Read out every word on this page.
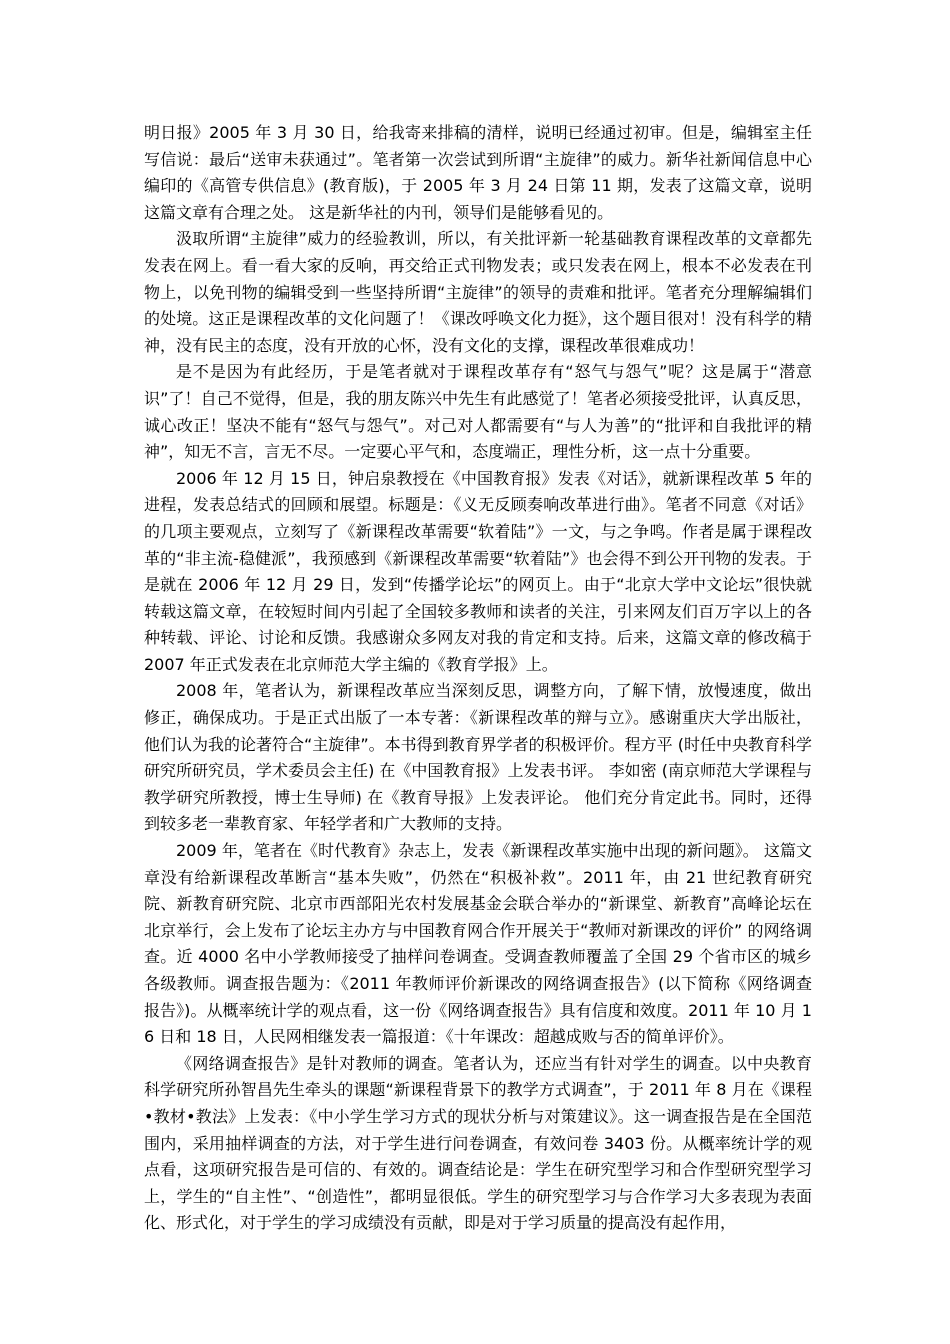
明日报》2005 年 3 月 30 日，给我寄来排稿的清样，说明已经通过初审。但是，编辑室主任写信说：最后“送审未获通过”。笔者第一次尝试到所谓“主旋律”的威力。新华社新闻信息中心编印的《高管专供信息》(教育版)，于 2005 年 3 月 24 日第 11 期，发表了这篇文章，说明这篇文章有合理之处。 这是新华社的内刊，领导们是能够看见的。

汲取所谓“主旋律”威力的经验教训，所以，有关批评新一轮基础教育课程改革的文章都先发表在网上。看一看大家的反响，再交给正式刊物发表；或只发表在网上，根本不必发表在刊物上，以免刊物的编辑受到一些坚持所谓“主旋律”的领导的责难和批评。笔者充分理解编辑们的处境。这正是课程改革的文化问题了！《课改呼唤文化力挺》，这个题目很对！没有科学的精神，没有民主的态度，没有开放的心怀，没有文化的支撑，课程改革很难成功！

是不是因为有此经历，于是笔者就对于课程改革存有“怒气与怨气”呢？这是属于“潜意识”了！自己不觉得，但是，我的朋友陈兴中先生有此感觉了！笔者必须接受批评，认真反思，诚心改正！坚决不能有“怒气与怨气”。对己对人都需要有“与人为善”的“批评和自我批评的精神”，知无不言，言无不尽。一定要心平气和，态度端正，理性分析，这一点十分重要。

2006 年 12 月 15 日，钟启泉教授在《中国教育报》发表《对话》，就新课程改革 5 年的进程，发表总结式的回顾和展望。标题是：《义无反顾奏响改革进行曲》。笔者不同意《对话》的几项主要观点，立刻写了《新课程改革需要“软着陆”》一文，与之争鸣。作者是属于课程改革的“非主流-稳健派”，我预感到《新课程改革需要“软着陆”》也会得不到公开刊物的发表。于是就在 2006 年 12 月 29 日，发到“传播学论坛”的网页上。由于“北京大学中文论坛”很快就转载这篇文章，在较短时间内引起了全国较多教师和读者的关注，引来网友们百万字以上的各种转载、评论、讨论和反馈。我感谢众多网友对我的肯定和支持。后来，这篇文章的修改稿于 2007 年正式发表在北京师范大学主编的《教育学报》上。

2008 年，笔者认为，新课程改革应当深刻反思，调整方向，了解下情，放慢速度，做出修正，确保成功。于是正式出版了一本专著：《新课程改革的辩与立》。感谢重庆大学出版社，他们认为我的论著符合“主旋律”。本书得到教育界学者的积极评价。程方平 (时任中央教育科学研究所研究员，学术委员会主任) 在《中国教育报》上发表书评。 李如密 (南京师范大学课程与教学研究所教授，博士生导师) 在《教育导报》上发表评论。 他们充分肯定此书。同时，还得到较多老一辈教育家、年轻学者和广大教师的支持。

2009 年，笔者在《时代教育》杂志上，发表《新课程改革实施中出现的新问题》。 这篇文章没有给新课程改革断言“基本失败”，仍然在“积极补救”。2011 年，由 21 世纪教育研究院、新教育研究院、北京市西部阳光农村发展基金会联合举办的“新课堂、新教育”高峰论坛在北京举行，会上发布了论坛主办方与中国教育网合作开展关于“教师对新课改的评价” 的网络调查。近 4000 名中小学教师接受了抽样问卷调查。受调查教师覆盖了全国 29 个省市区的城乡各级教师。调查报告题为：《2011 年教师评价新课改的网络调查报告》(以下简称《网络调查报告》)。从概率统计学的观点看，这一份《网络调查报告》具有信度和效度。2011 年 10 月 16 日和 18 日，人民网相继发表一篇报道：《十年课改：超越成败与否的简单评价》。

《网络调查报告》是针对教师的调查。笔者认为，还应当有针对学生的调查。以中央教育科学研究所孙智昌先生牵头的课题“新课程背景下的教学方式调查”，于 2011 年 8 月在《课程•教材•教法》上发表：《中小学生学习方式的现状分析与对策建议》。这一调查报告是在全国范围内，采用抽样调查的方法，对于学生进行问卷调查，有效问卷 3403 份。从概率统计学的观点看，这项研究报告是可信的、有效的。调查结论是：学生在研究型学习和合作型研究型学习上，学生的“自主性”、“创造性”，都明显很低。学生的研究型学习与合作学习大多表现为表面化、形式化，对于学生的学习成绩没有贡献，即是对于学习质量的提高没有起作用，
